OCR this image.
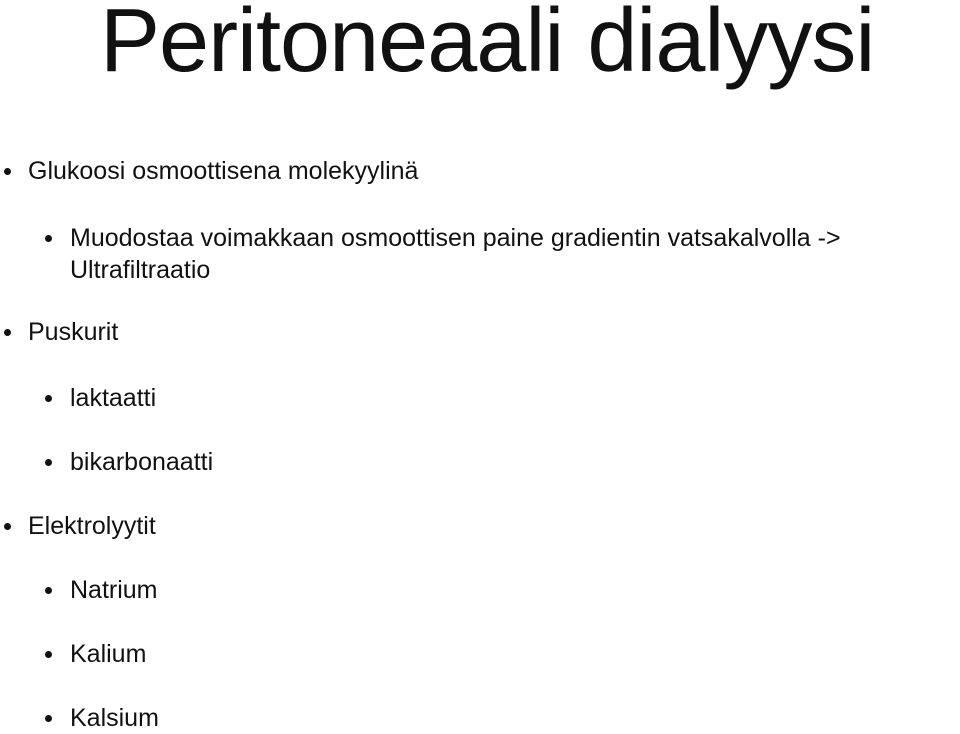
Peritoneaali dialyysi
Glukoosi osmoottisena molekyylinä
Muodostaa voimakkaan osmoottisen paine gradientin vatsakalvolla ->
Ultrafiltraatio
Puskurit
laktaatti
bikarbonaatti
Elektrolyytit
Natrium
Kalium
Kalsium
